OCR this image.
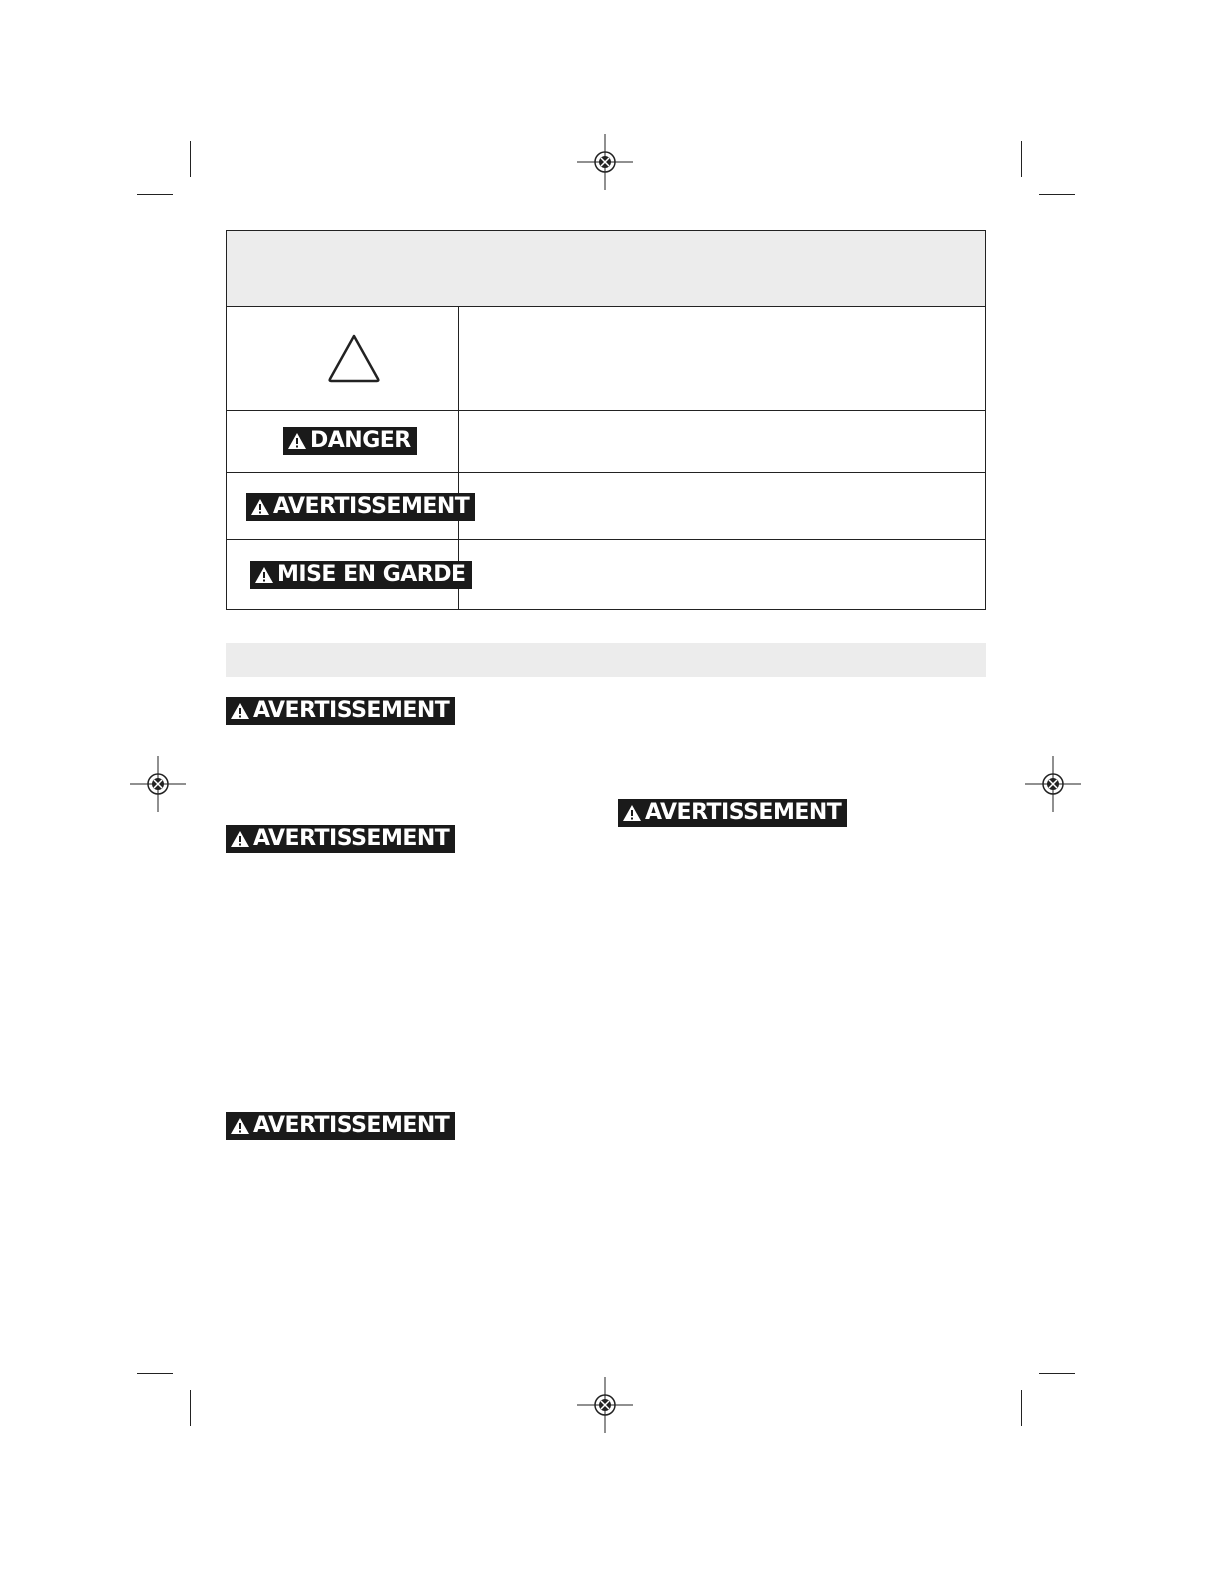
DANGER
AVERTISSEMENT
MISE EN GARDE
AVERTISSEMENT
AVERTISSEMENT
AVERTISSEMENT
AVERTISSEMENT
